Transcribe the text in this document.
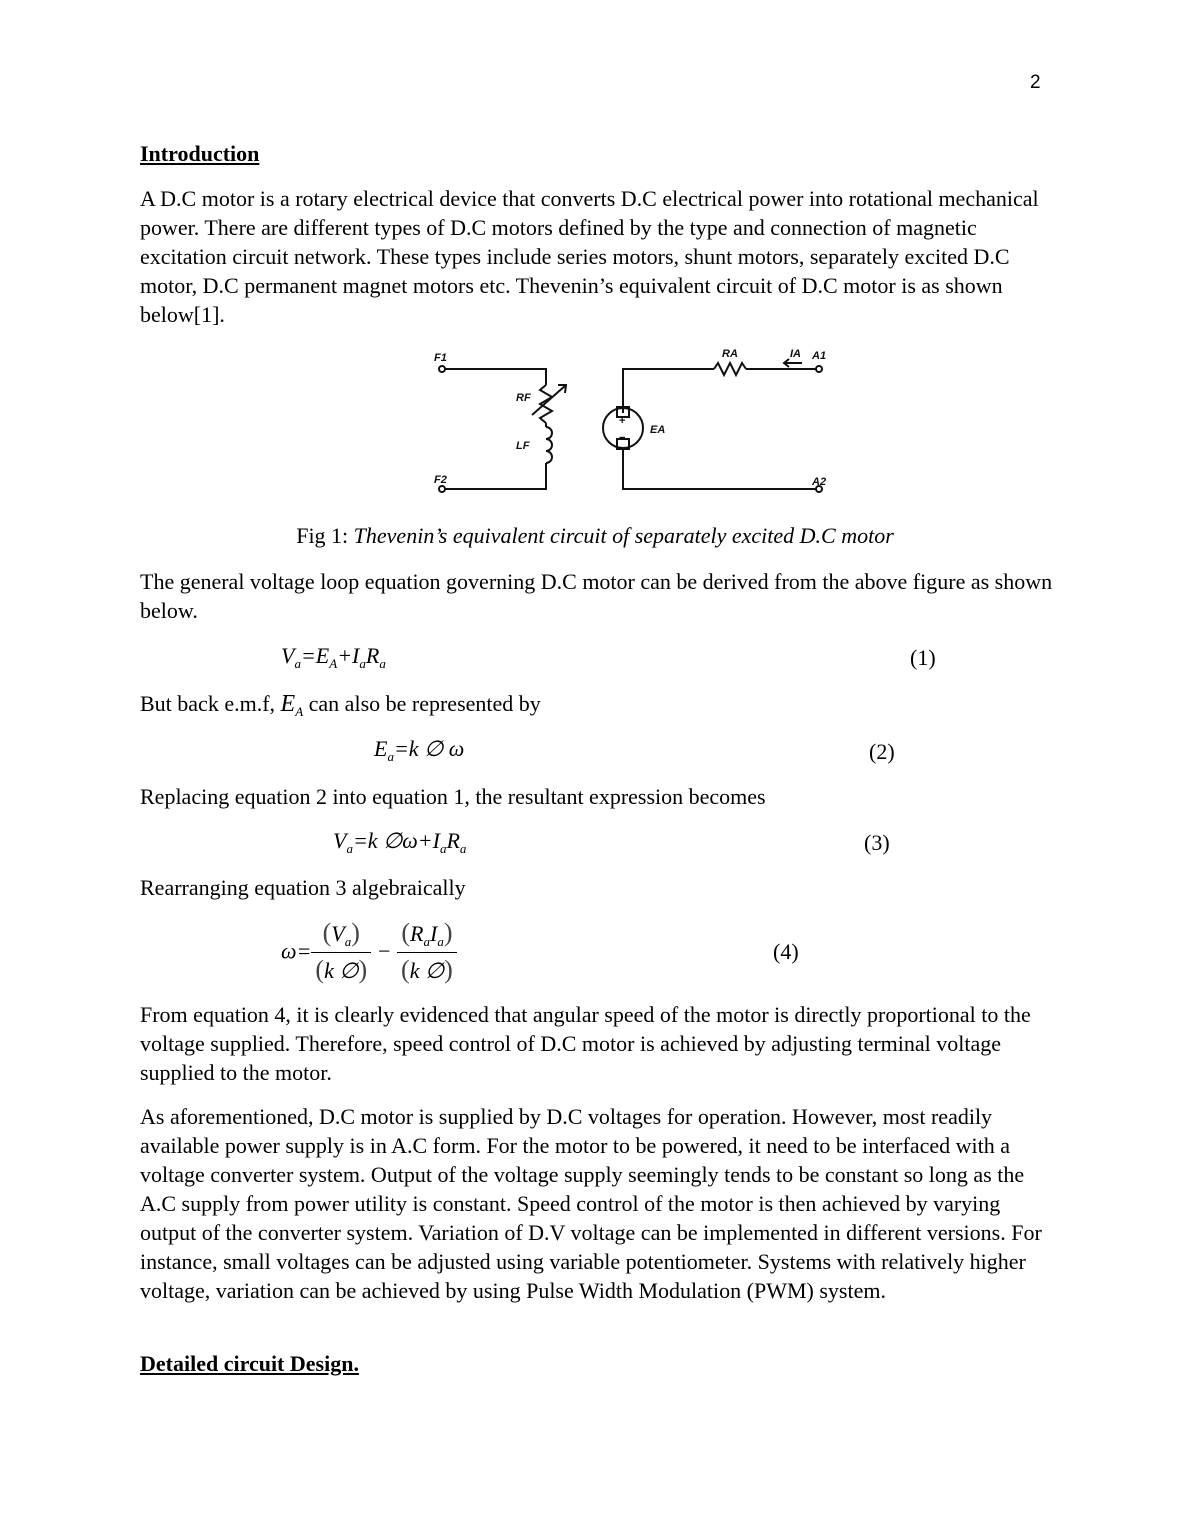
2
Introduction
A D.C motor is a rotary electrical device that converts D.C electrical power into rotational mechanical power. There are different types of D.C motors defined by the type and connection of magnetic excitation circuit network. These types include series motors, shunt motors, separately excited D.C motor, D.C permanent magnet motors etc. Thevenin’s equivalent circuit of D.C motor is as shown below[1].
F1
F2
RF
LF
RA	IA A1
A2
EA
+
−
Fig 1: Thevenin’s equivalent circuit of separately excited D.C motor
The general voltage loop equation governing D.C motor can be derived from the above figure as shown below.
$V_a=E_A+I_aR_a$	(1)
But back e.m.f, $E_A$ can also be represented by
$E_a=k$ ∅ ω	(2)
Replacing equation 2 into equation 1, the resultant expression becomes
$V_a=k$ $\emptyset\omega+I_aR_a$	(3)
Rearranging equation 3 algebraically
$\omega= \frac{(V_a)}{(k \emptyset)} - \frac{(R_aI_a)}{(k \emptyset)}$	(4)
From equation 4, it is clearly evidenced that angular speed of the motor is directly proportional to the voltage supplied. Therefore, speed control of D.C motor is achieved by adjusting terminal voltage supplied to the motor.
As aforementioned, D.C motor is supplied by D.C voltages for operation. However, most readily available power supply is in A.C form. For the motor to be powered, it need to be interfaced with a voltage converter system. Output of the voltage supply seemingly tends to be constant so long as the A.C supply from power utility is constant. Speed control of the motor is then achieved by varying output of the converter system. Variation of D.V voltage can be implemented in different versions. For instance, small voltages can be adjusted using variable potentiometer. Systems with relatively higher voltage, variation can be achieved by using Pulse Width Modulation (PWM) system.
Detailed circuit Design.
